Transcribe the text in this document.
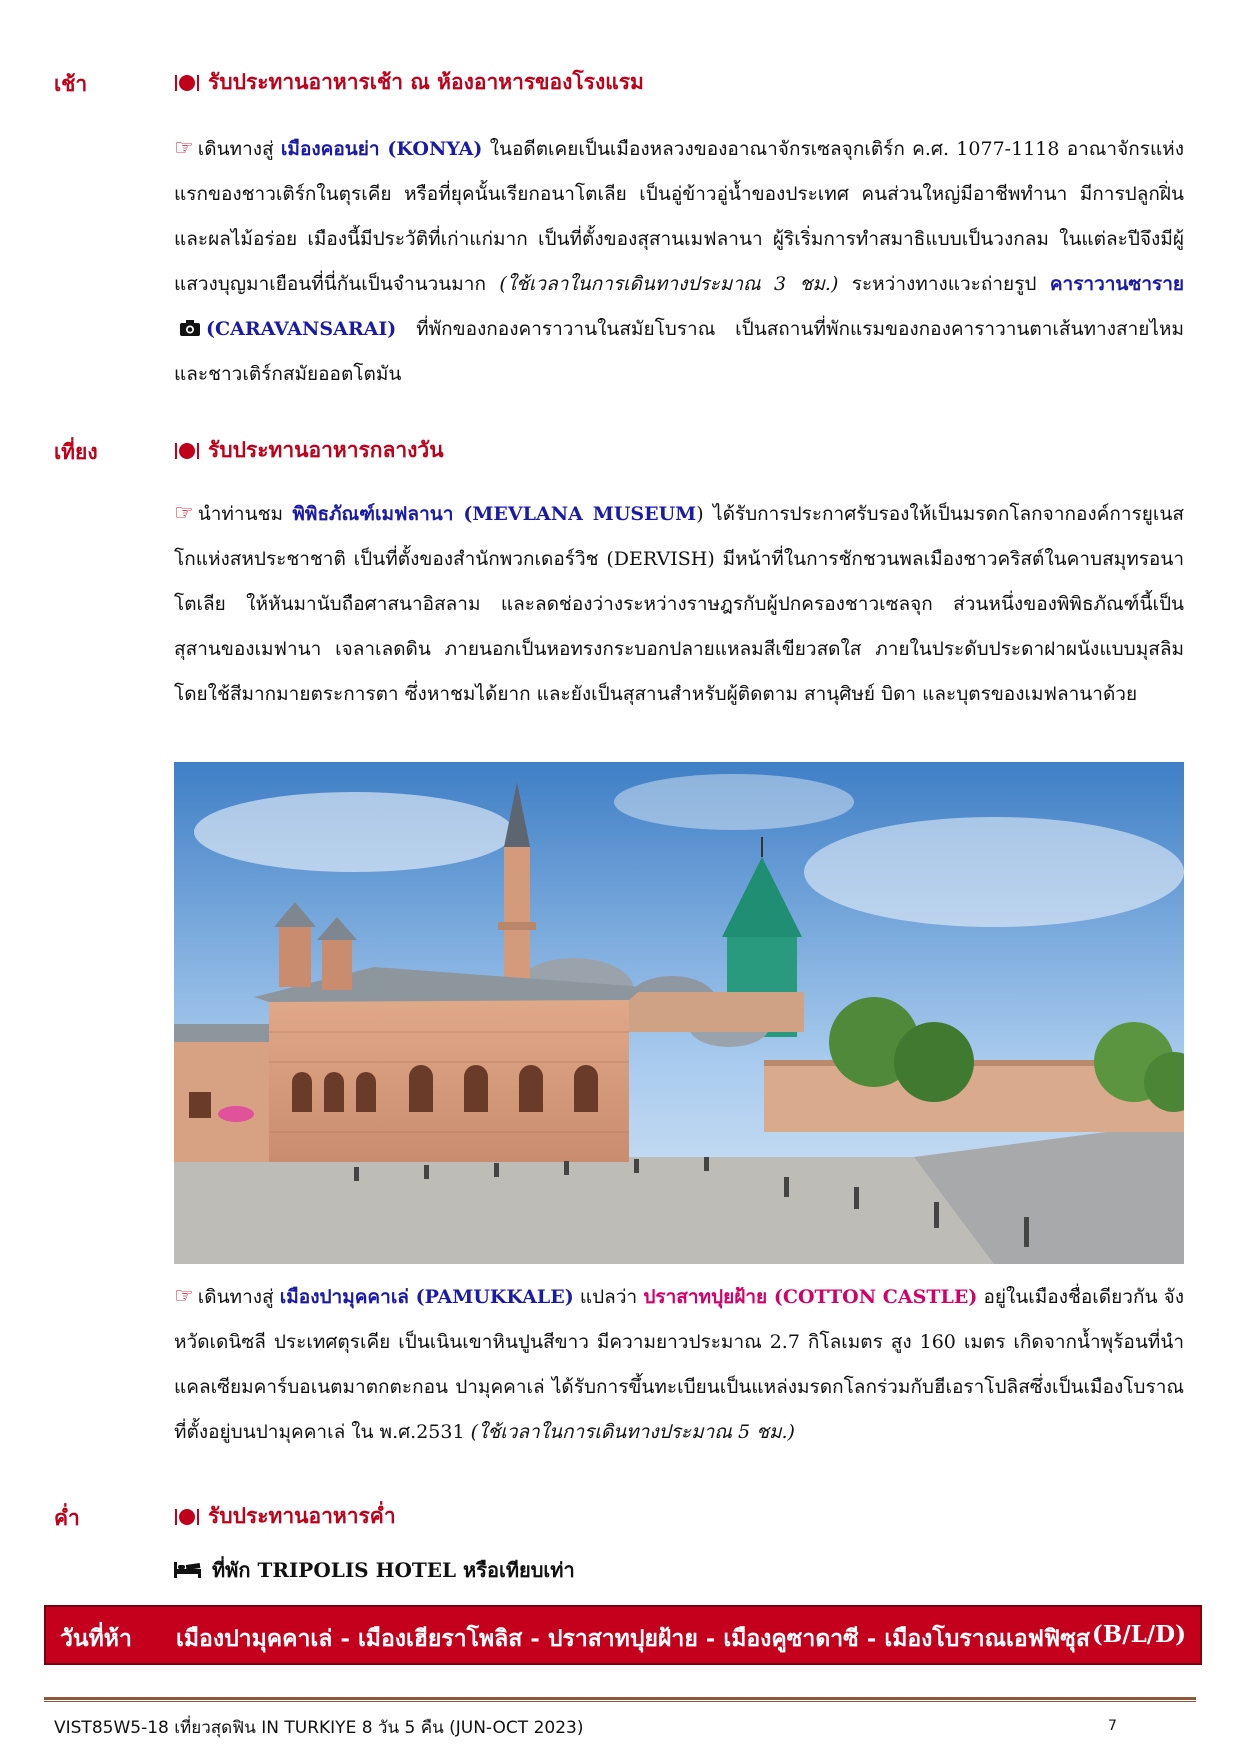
เช้า	รับประทานอาหารเช้า ณ ห้องอาหารของโรงแรม

☞ เดินทางสู่ เมืองคอนย่า (KONYA) ในอดีตเคยเป็นเมืองหลวงของอาณาจักรเซลจุกเติร์ก ค.ศ. 1077-1118 อาณาจักรแห่งแรกของชาวเติร์กในตุรเคีย หรือที่ยุคนั้นเรียกอนาโตเลีย เป็นอู่ข้าวอู่น้ำของประเทศ คนส่วนใหญ่มีอาชีพทำนา มีการปลูกฝิ่นและผลไม้อร่อย เมืองนี้มีประวัติที่เก่าแก่มาก เป็นที่ตั้งของสุสานเมฟลานา ผู้ริเริ่มการทำสมาธิแบบเป็นวงกลม ในแต่ละปีจึงมีผู้แสวงบุญมาเยือนที่นี่กันเป็นจำนวนมาก (ใช้เวลาในการเดินทางประมาณ 3 ชม.) ระหว่างทางแวะถ่ายรูป คาราวานซาราย (CARAVANSARAI) ที่พักของกองคาราวานในสมัยโบราณ เป็นสถานที่พักแรมของกองคาราวานตาเส้นทางสายไหมและชาวเติร์กสมัยออตโตมัน

เที่ยง	รับประทานอาหารกลางวัน

☞ นำท่านชม พิพิธภัณฑ์เมฟลานา (MEVLANA MUSEUM) ได้รับการประกาศรับรองให้เป็นมรดกโลกจากองค์การยูเนสโกแห่งสหประชาชาติ เป็นที่ตั้งของสำนักพวกเดอร์วิช (DERVISH) มีหน้าที่ในการชักชวนพลเมืองชาวคริสต์ในคาบสมุทรอนาโตเลีย ให้หันมานับถือศาสนาอิสลาม และลดช่องว่างระหว่างราษฎรกับผู้ปกครองชาวเซลจุก ส่วนหนึ่งของพิพิธภัณฑ์นี้เป็นสุสานของเมฟานา เจลาเลดดิน ภายนอกเป็นหอทรงกระบอกปลายแหลมสีเขียวสดใส ภายในประดับประดาฝาผนังแบบมุสลิม โดยใช้สีมากมายตระการตา ซึ่งหาชมได้ยาก และยังเป็นสุสานสำหรับผู้ติดตาม สานุศิษย์ บิดา และบุตรของเมฟลานาด้วย

☞ เดินทางสู่ เมืองปามุคคาเล่ (PAMUKKALE) แปลว่า ปราสาทปุยฝ้าย (COTTON CASTLE) อยู่ในเมืองชื่อเดียวกัน จังหวัดเดนิซลี ประเทศตุรเคีย เป็นเนินเขาหินปูนสีขาว มีความยาวประมาณ 2.7 กิโลเมตร สูง 160 เมตร เกิดจากน้ำพุร้อนที่นำแคลเซียมคาร์บอเนตมาตกตะกอน ปามุคคาเล่ ได้รับการขึ้นทะเบียนเป็นแหล่งมรดกโลกร่วมกับฮีเอราโปลิสซึ่งเป็นเมืองโบราณที่ตั้งอยู่บนปามุคคาเล่ ใน พ.ศ.2531 (ใช้เวลาในการเดินทางประมาณ 5 ชม.)

ค่ำ	รับประทานอาหารค่ำ
ที่พัก TRIPOLIS HOTEL หรือเทียบเท่า
วันที่ห้า เมืองปามุคคาเล่ - เมืองเฮียราโพลิส - ปราสาทปุยฝ้าย - เมืองคูซาดาซี - เมืองโบราณเอฟฟิซุส (B/L/D)
VIST85W5-18 เที่ยวสุดฟิน IN TURKIYE 8 วัน 5 คืน (JUN-OCT 2023)	7
